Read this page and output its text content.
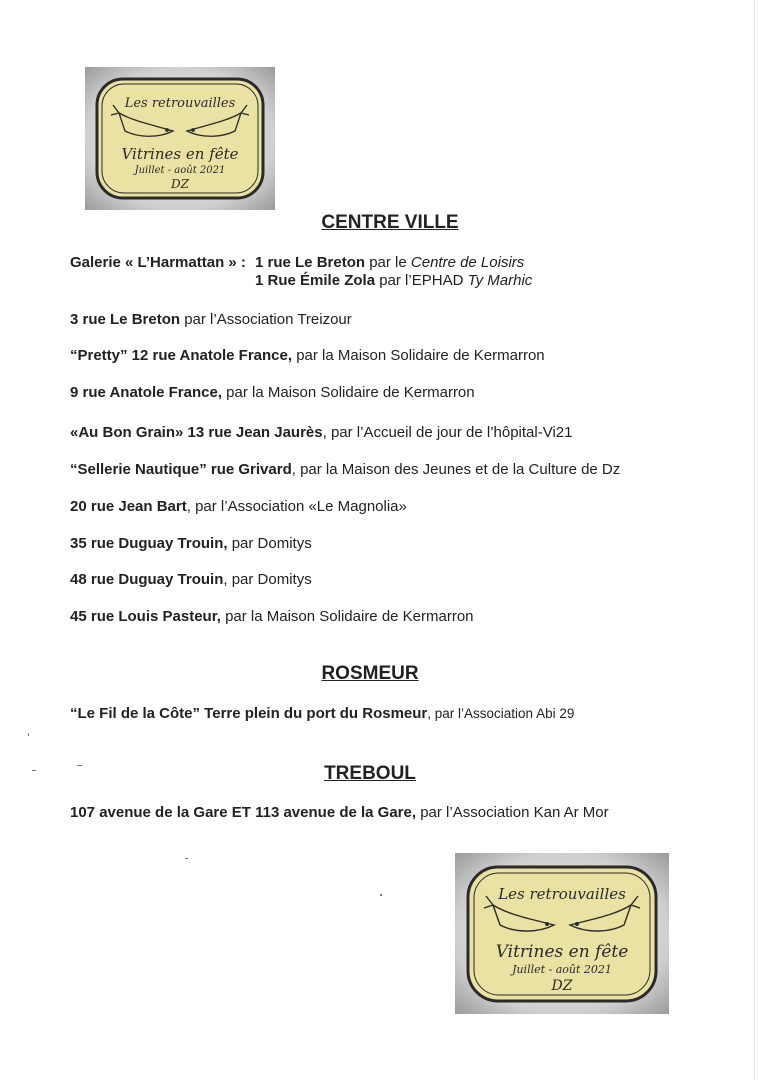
Les retrouvailles
Vitrines en fête
Juillet - août 2021
DZ
CENTRE VILLE
Galerie « L’Harmattan » : 1 rue Le Breton par le Centre de Loisirs
1 Rue Émile Zola par l’EPHAD Ty Marhic
3 rue Le Breton par l’Association Treizour
“Pretty” 12 rue Anatole France, par la Maison Solidaire de Kermarron
9 rue Anatole France, par la Maison Solidaire de Kermarron
«Au Bon Grain» 13 rue Jean Jaurès, par l’Accueil de jour de l’hôpital-Vi21
“Sellerie Nautique” rue Grivard, par la Maison des Jeunes et de la Culture de Dz
20 rue Jean Bart, par l’Association «Le Magnolia»
35 rue Duguay Trouin, par Domitys
48 rue Duguay Trouin, par Domitys
45 rue Louis Pasteur, par la Maison Solidaire de Kermarron
ROSMEUR
“Le Fil de la Côte” Terre plein du port du Rosmeur, par l’Association Abi 29
TREBOUL
107 avenue de la Gare ET 113 avenue de la Gare, par l’Association Kan Ar Mor
Les retrouvailles
Vitrines en fête
Juillet - août 2021
DZ
